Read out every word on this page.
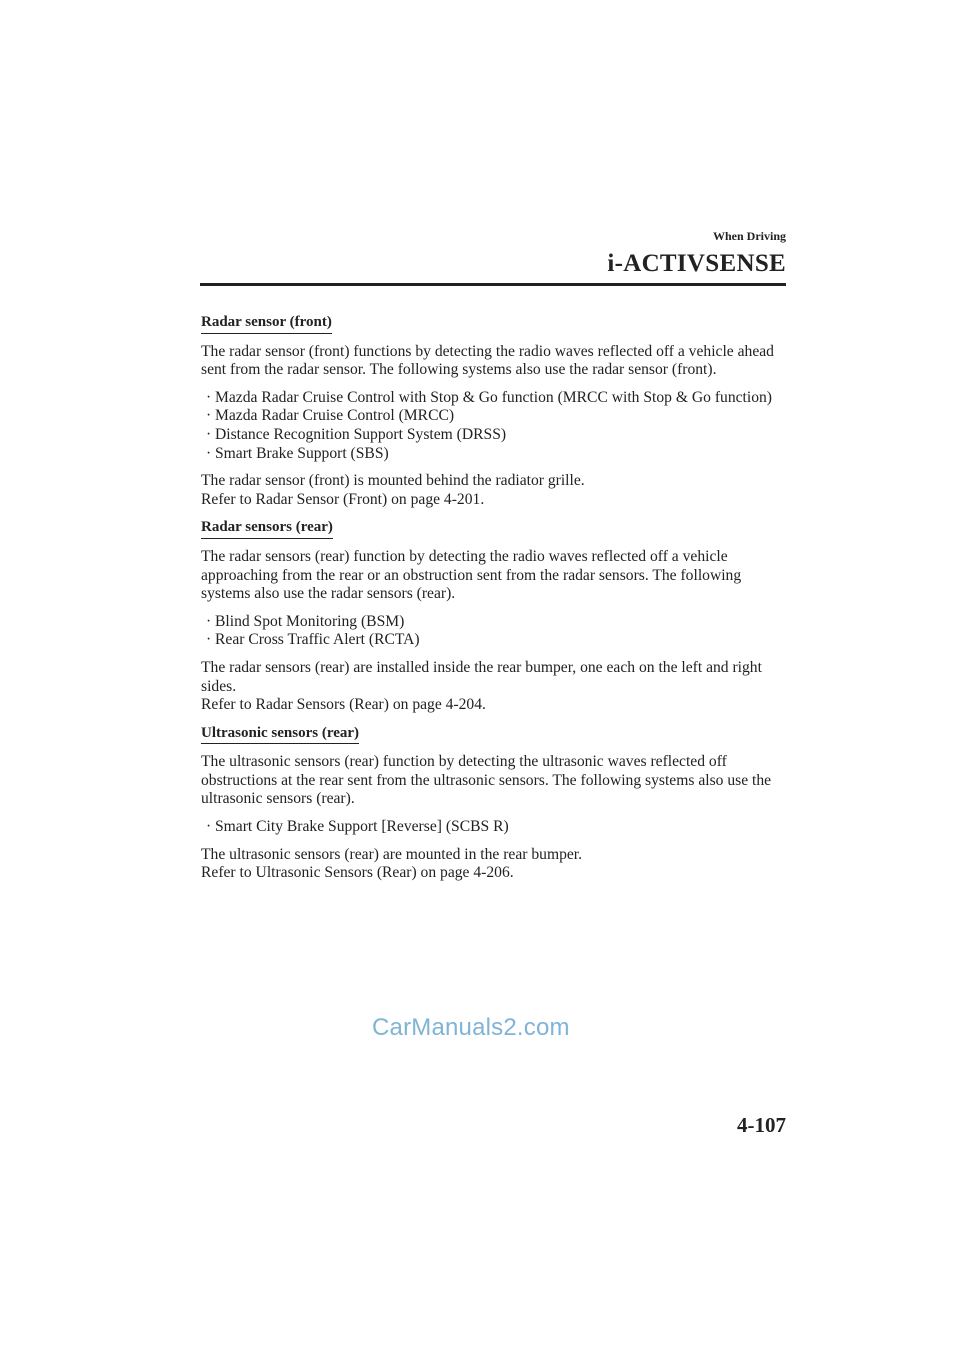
When Driving
i-ACTIVSENSE
Radar sensor (front)

The radar sensor (front) functions by detecting the radio waves reflected off a vehicle ahead sent from the radar sensor. The following systems also use the radar sensor (front).

· Mazda Radar Cruise Control with Stop & Go function (MRCC with Stop & Go function)
· Mazda Radar Cruise Control (MRCC)
· Distance Recognition Support System (DRSS)
· Smart Brake Support (SBS)

The radar sensor (front) is mounted behind the radiator grille.
Refer to Radar Sensor (Front) on page 4-201.

Radar sensors (rear)

The radar sensors (rear) function by detecting the radio waves reflected off a vehicle approaching from the rear or an obstruction sent from the radar sensors. The following systems also use the radar sensors (rear).

· Blind Spot Monitoring (BSM)
· Rear Cross Traffic Alert (RCTA)

The radar sensors (rear) are installed inside the rear bumper, one each on the left and right sides.
Refer to Radar Sensors (Rear) on page 4-204.

Ultrasonic sensors (rear)

The ultrasonic sensors (rear) function by detecting the ultrasonic waves reflected off obstructions at the rear sent from the ultrasonic sensors. The following systems also use the ultrasonic sensors (rear).

· Smart City Brake Support [Reverse] (SCBS R)

The ultrasonic sensors (rear) are mounted in the rear bumper.
Refer to Ultrasonic Sensors (Rear) on page 4-206.

CarManuals2.com
4-107
